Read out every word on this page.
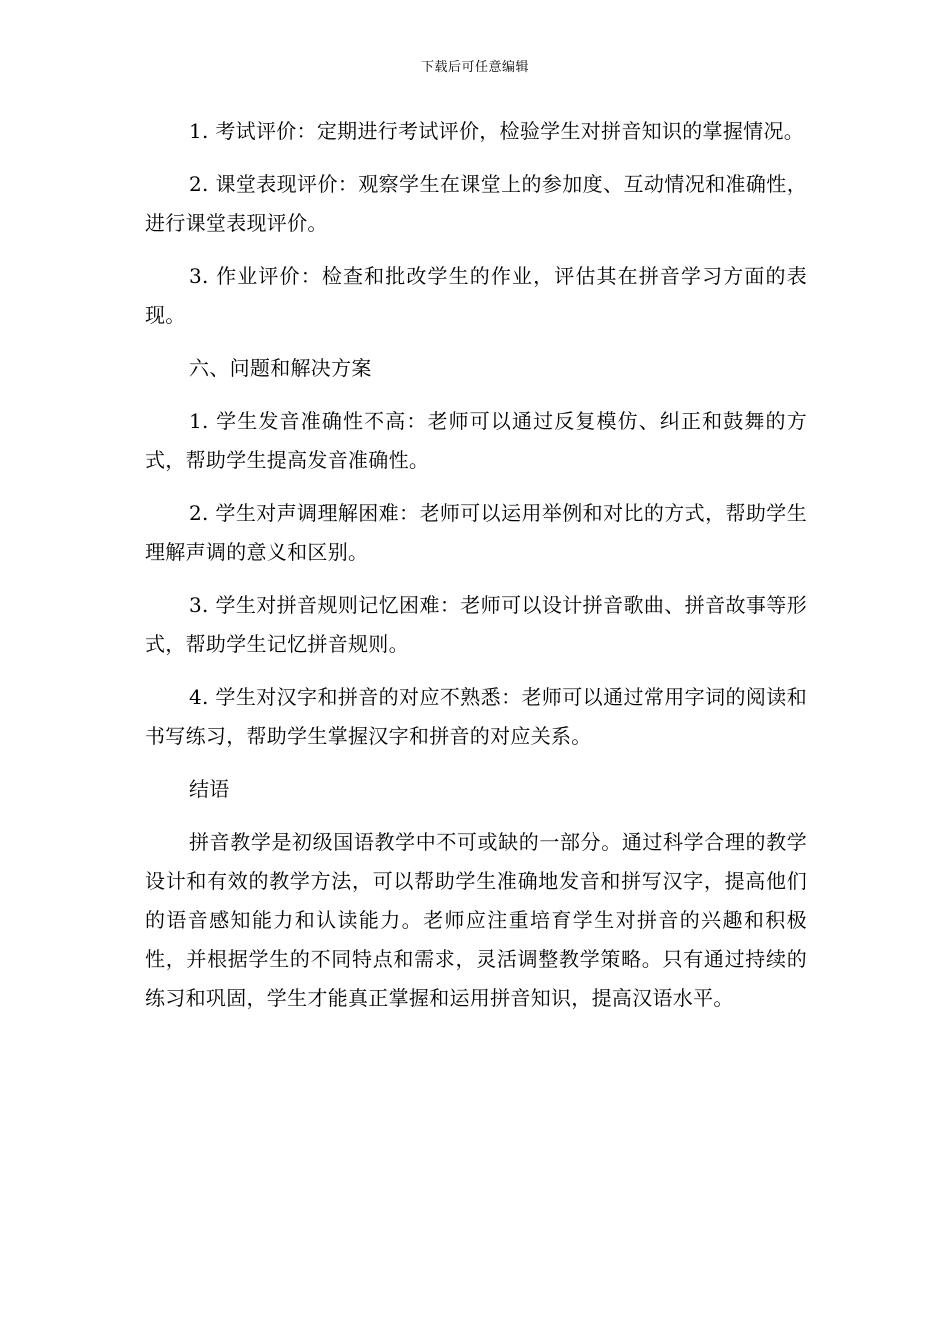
下载后可任意编辑

1. 考试评价：定期进行考试评价，检验学生对拼音知识的掌握情况。

2. 课堂表现评价：观察学生在课堂上的参加度、互动情况和准确性，进行课堂表现评价。

3. 作业评价：检查和批改学生的作业，评估其在拼音学习方面的表现。

六、问题和解决方案

1. 学生发音准确性不高：老师可以通过反复模仿、纠正和鼓舞的方式，帮助学生提高发音准确性。

2. 学生对声调理解困难：老师可以运用举例和对比的方式，帮助学生理解声调的意义和区别。

3. 学生对拼音规则记忆困难：老师可以设计拼音歌曲、拼音故事等形式，帮助学生记忆拼音规则。

4. 学生对汉字和拼音的对应不熟悉：老师可以通过常用字词的阅读和书写练习，帮助学生掌握汉字和拼音的对应关系。

结语

拼音教学是初级国语教学中不可或缺的一部分。通过科学合理的教学设计和有效的教学方法，可以帮助学生准确地发音和拼写汉字，提高他们的语音感知能力和认读能力。老师应注重培育学生对拼音的兴趣和积极性，并根据学生的不同特点和需求，灵活调整教学策略。只有通过持续的练习和巩固，学生才能真正掌握和运用拼音知识，提高汉语水平。
